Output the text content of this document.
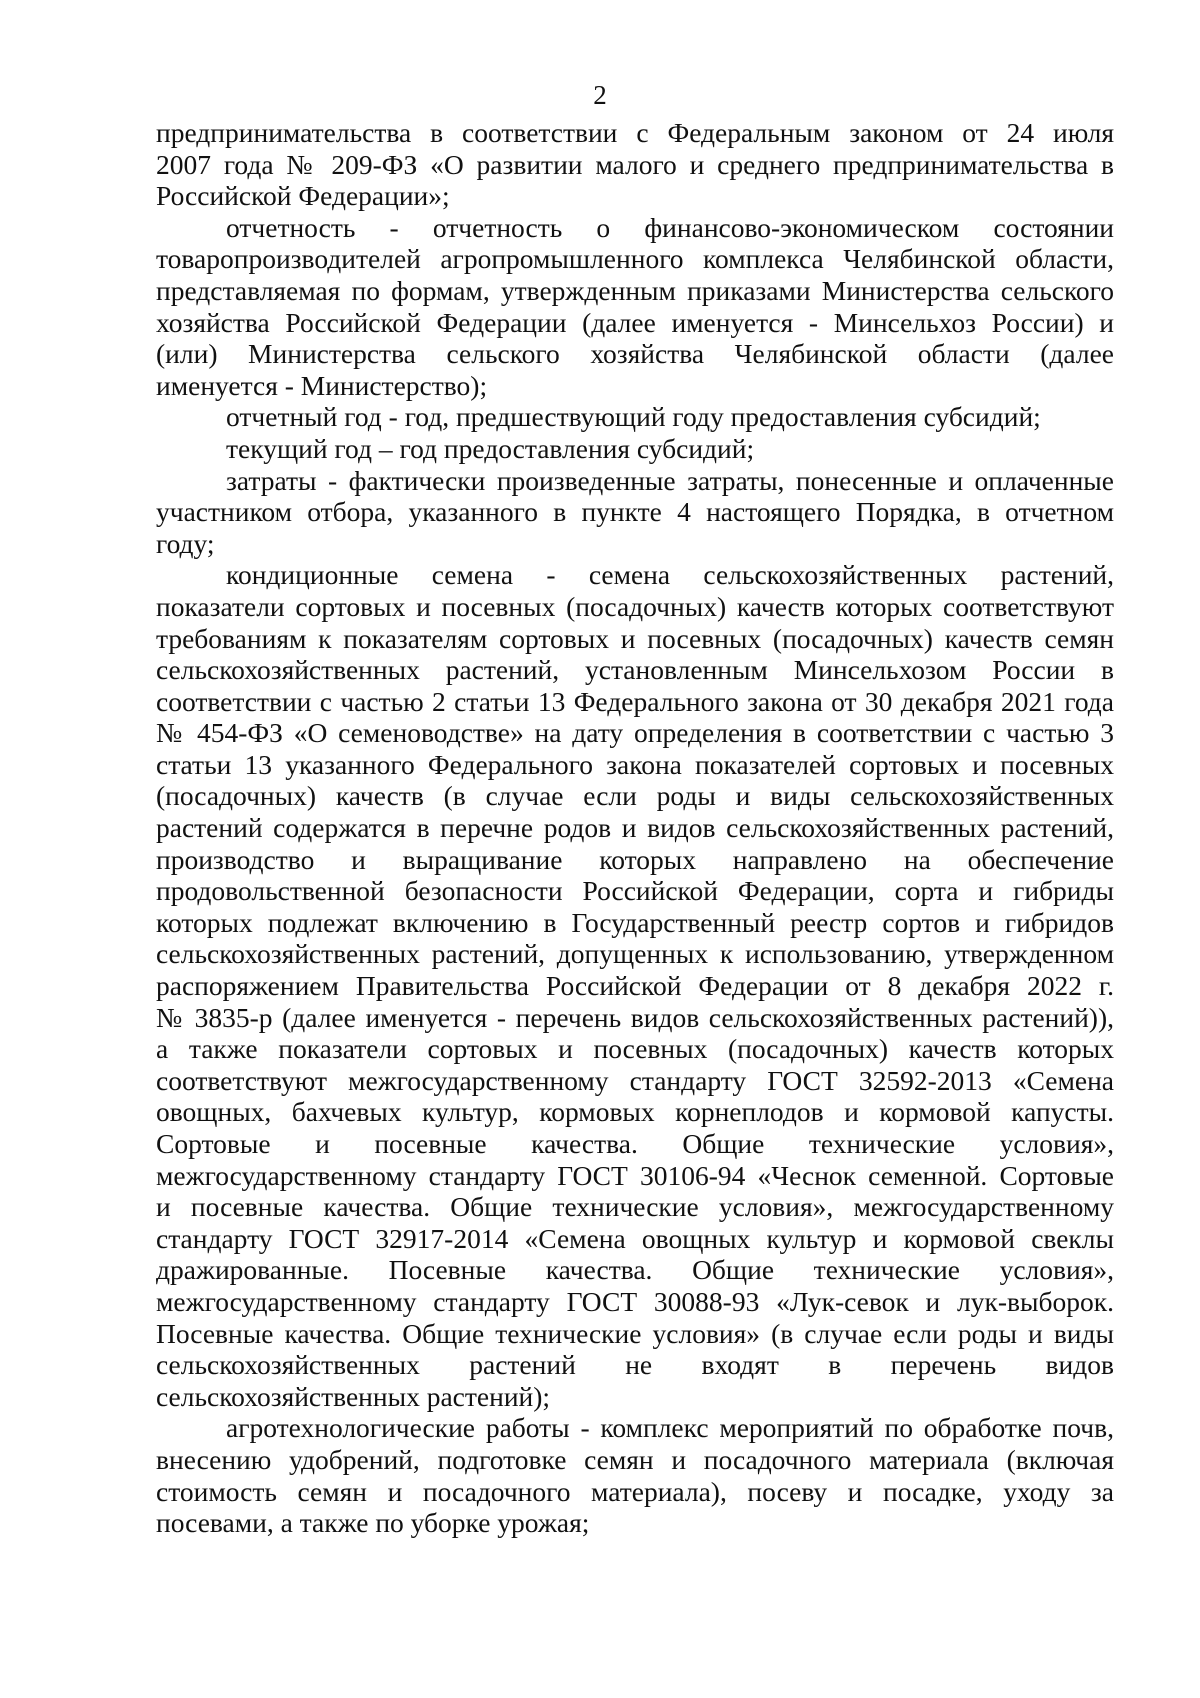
2
предпринимательства в соответствии с Федеральным законом от 24 июля
2007 года № 209-ФЗ «О развитии малого и среднего предпринимательства в
Российской Федерации»;
отчетность - отчетность о финансово-экономическом состоянии
товаропроизводителей агропромышленного комплекса Челябинской области,
представляемая по формам, утвержденным приказами Министерства сельского
хозяйства Российской Федерации (далее именуется - Минсельхоз России) и
(или) Министерства сельского хозяйства Челябинской области (далее
именуется - Министерство);
отчетный год - год, предшествующий году предоставления субсидий;
текущий год – год предоставления субсидий;
затраты - фактически произведенные затраты, понесенные и оплаченные
участником отбора, указанного в пункте 4 настоящего Порядка, в отчетном
году;
кондиционные семена - семена сельскохозяйственных растений,
показатели сортовых и посевных (посадочных) качеств которых соответствуют
требованиям к показателям сортовых и посевных (посадочных) качеств семян
сельскохозяйственных растений, установленным Минсельхозом России в
соответствии с частью 2 статьи 13 Федерального закона от 30 декабря 2021 года
№ 454-ФЗ «О семеноводстве» на дату определения в соответствии с частью 3
статьи 13 указанного Федерального закона показателей сортовых и посевных
(посадочных) качеств (в случае если роды и виды сельскохозяйственных
растений содержатся в перечне родов и видов сельскохозяйственных растений,
производство и выращивание которых направлено на обеспечение
продовольственной безопасности Российской Федерации, сорта и гибриды
которых подлежат включению в Государственный реестр сортов и гибридов
сельскохозяйственных растений, допущенных к использованию, утвержденном
распоряжением Правительства Российской Федерации от 8 декабря 2022 г.
№ 3835-р (далее именуется - перечень видов сельскохозяйственных растений)),
а также показатели сортовых и посевных (посадочных) качеств которых
соответствуют межгосударственному стандарту ГОСТ 32592-2013 «Семена
овощных, бахчевых культур, кормовых корнеплодов и кормовой капусты.
Сортовые и посевные качества. Общие технические условия»,
межгосударственному стандарту ГОСТ 30106-94 «Чеснок семенной. Сортовые
и посевные качества. Общие технические условия», межгосударственному
стандарту ГОСТ 32917-2014 «Семена овощных культур и кормовой свеклы
дражированные. Посевные качества. Общие технические условия»,
межгосударственному стандарту ГОСТ 30088-93 «Лук-севок и лук-выборок.
Посевные качества. Общие технические условия» (в случае если роды и виды
сельскохозяйственных растений не входят в перечень видов
сельскохозяйственных растений);
агротехнологические работы - комплекс мероприятий по обработке почв,
внесению удобрений, подготовке семян и посадочного материала (включая
стоимость семян и посадочного материала), посеву и посадке, уходу за
посевами, а также по уборке урожая;
